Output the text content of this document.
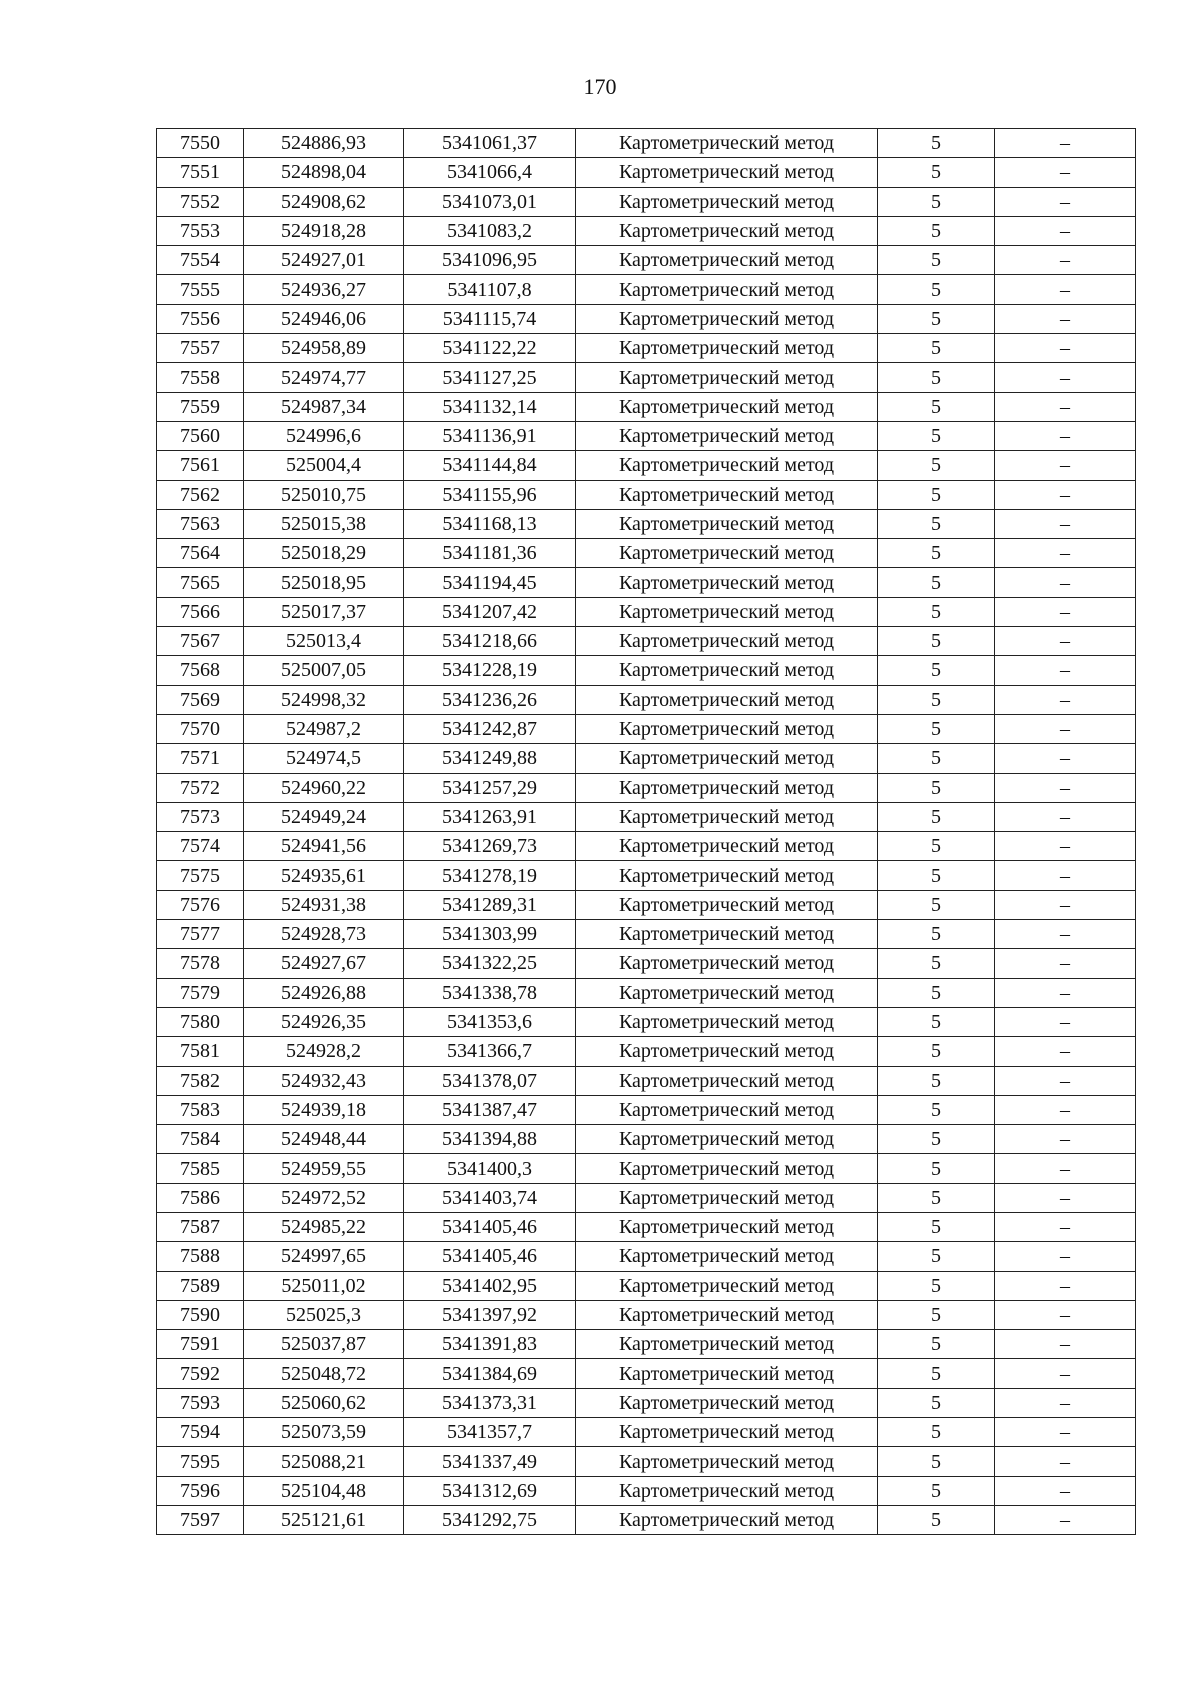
170
7550	524886,93	5341061,37	Картометрический метод	5	–
7551	524898,04	5341066,4	Картометрический метод	5	–
7552	524908,62	5341073,01	Картометрический метод	5	–
7553	524918,28	5341083,2	Картометрический метод	5	–
7554	524927,01	5341096,95	Картометрический метод	5	–
7555	524936,27	5341107,8	Картометрический метод	5	–
7556	524946,06	5341115,74	Картометрический метод	5	–
7557	524958,89	5341122,22	Картометрический метод	5	–
7558	524974,77	5341127,25	Картометрический метод	5	–
7559	524987,34	5341132,14	Картометрический метод	5	–
7560	524996,6	5341136,91	Картометрический метод	5	–
7561	525004,4	5341144,84	Картометрический метод	5	–
7562	525010,75	5341155,96	Картометрический метод	5	–
7563	525015,38	5341168,13	Картометрический метод	5	–
7564	525018,29	5341181,36	Картометрический метод	5	–
7565	525018,95	5341194,45	Картометрический метод	5	–
7566	525017,37	5341207,42	Картометрический метод	5	–
7567	525013,4	5341218,66	Картометрический метод	5	–
7568	525007,05	5341228,19	Картометрический метод	5	–
7569	524998,32	5341236,26	Картометрический метод	5	–
7570	524987,2	5341242,87	Картометрический метод	5	–
7571	524974,5	5341249,88	Картометрический метод	5	–
7572	524960,22	5341257,29	Картометрический метод	5	–
7573	524949,24	5341263,91	Картометрический метод	5	–
7574	524941,56	5341269,73	Картометрический метод	5	–
7575	524935,61	5341278,19	Картометрический метод	5	–
7576	524931,38	5341289,31	Картометрический метод	5	–
7577	524928,73	5341303,99	Картометрический метод	5	–
7578	524927,67	5341322,25	Картометрический метод	5	–
7579	524926,88	5341338,78	Картометрический метод	5	–
7580	524926,35	5341353,6	Картометрический метод	5	–
7581	524928,2	5341366,7	Картометрический метод	5	–
7582	524932,43	5341378,07	Картометрический метод	5	–
7583	524939,18	5341387,47	Картометрический метод	5	–
7584	524948,44	5341394,88	Картометрический метод	5	–
7585	524959,55	5341400,3	Картометрический метод	5	–
7586	524972,52	5341403,74	Картометрический метод	5	–
7587	524985,22	5341405,46	Картометрический метод	5	–
7588	524997,65	5341405,46	Картометрический метод	5	–
7589	525011,02	5341402,95	Картометрический метод	5	–
7590	525025,3	5341397,92	Картометрический метод	5	–
7591	525037,87	5341391,83	Картометрический метод	5	–
7592	525048,72	5341384,69	Картометрический метод	5	–
7593	525060,62	5341373,31	Картометрический метод	5	–
7594	525073,59	5341357,7	Картометрический метод	5	–
7595	525088,21	5341337,49	Картометрический метод	5	–
7596	525104,48	5341312,69	Картометрический метод	5	–
7597	525121,61	5341292,75	Картометрический метод	5	–
